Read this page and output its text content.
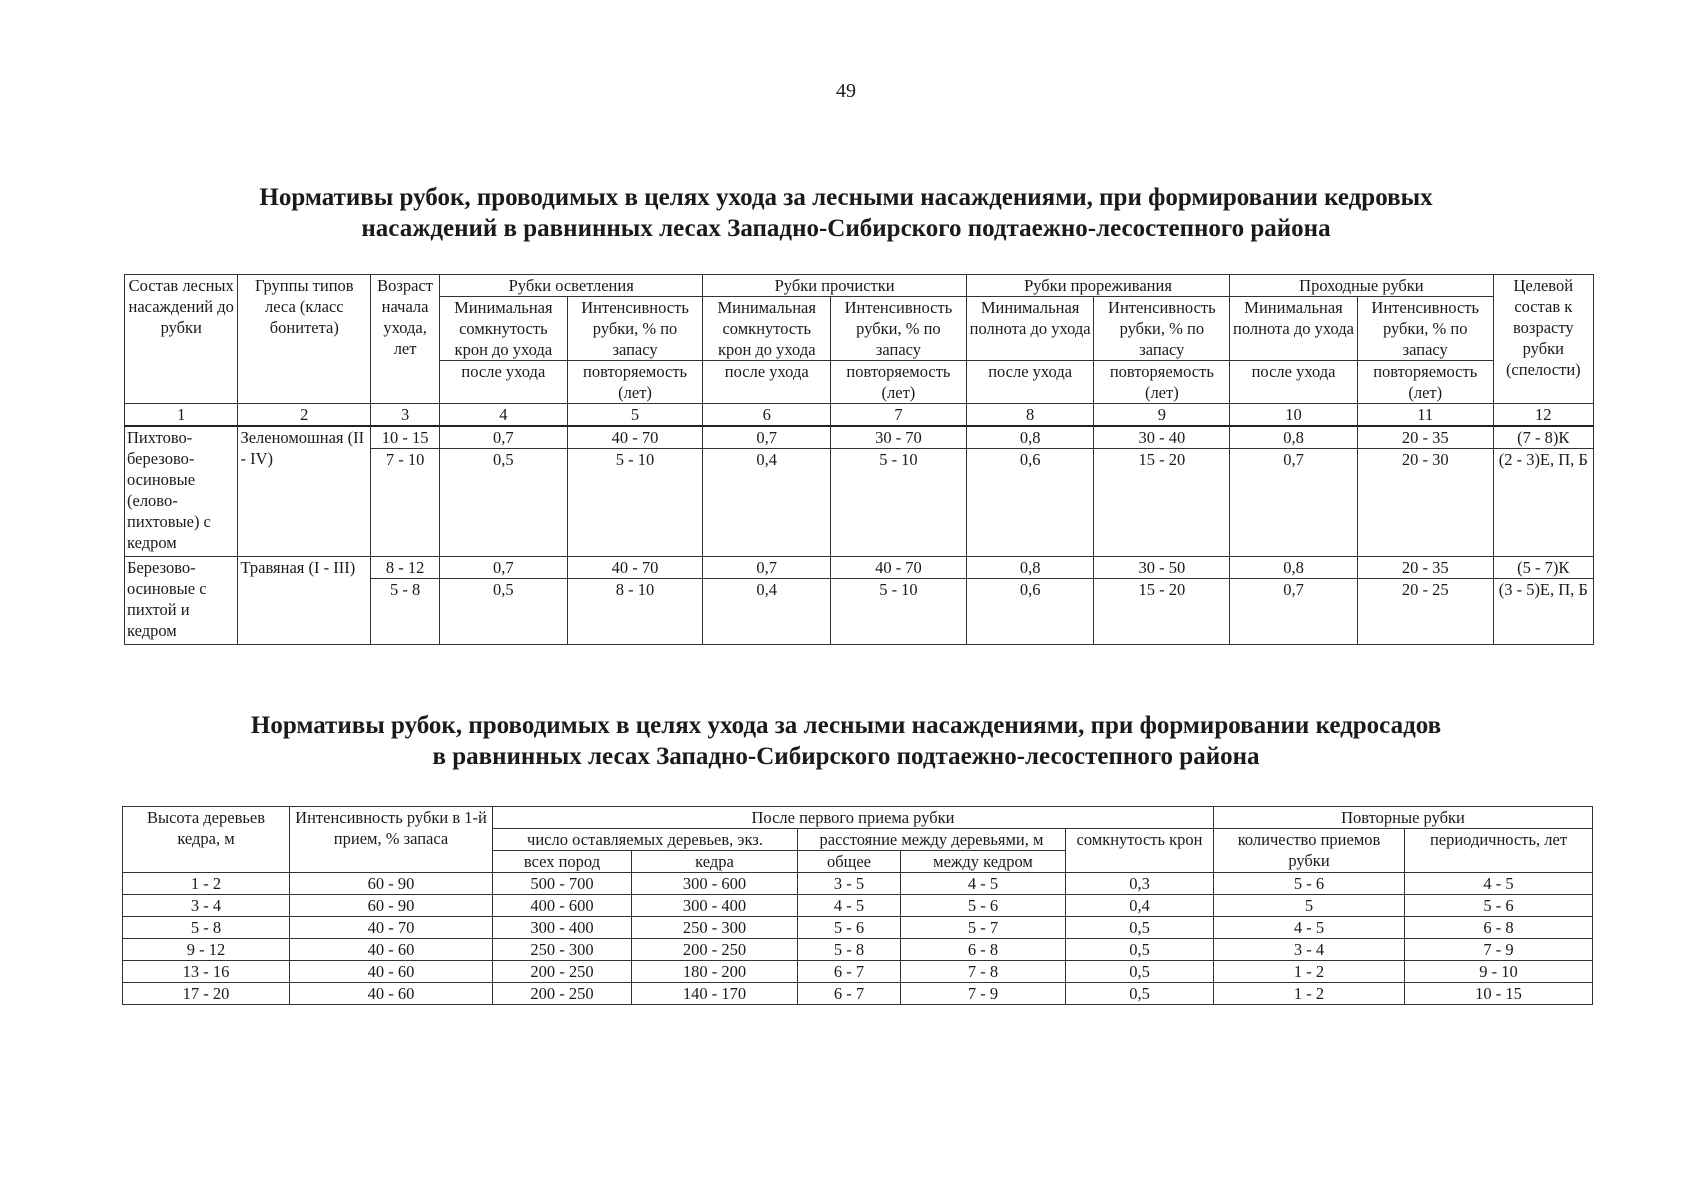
49
Нормативы рубок, проводимых в целях ухода за лесными насаждениями, при формировании кедровых
насаждений в равнинных лесах Западно-Сибирского подтаежно-лесостепного района
Состав лесных насаждений до рубки	Группы типов леса (класс бонитета)	Возраст начала ухода, лет	Рубки осветления		Рубки прочистки		Рубки прореживания		Проходные рубки		Целевой состав к возрасту рубки (спелости)
			Минимальная сомкнутость крон до ухода	Интенсивность рубки, % по запасу	Минимальная сомкнутость крон до ухода	Интенсивность рубки, % по запасу	Минимальная полнота до ухода	Интенсивность рубки, % по запасу	Минимальная полнота до ухода	Интенсивность рубки, % по запасу	

			после ухода	повторяемость (лет)	после ухода	повторяемость (лет)	после ухода	повторяемость (лет)	после ухода	повторяемость (лет)	
1	2	3	4	5	6	7	8	9	10	11	12
Пихтово-березово-осиновые (елово-пихтовые) с кедром	Зеленомошная (II - IV)	10 - 15	0,7	40 - 70	0,7	30 - 70	0,8	30 - 40	0,8	20 - 35	(7 - 8)К
		7 - 10	0,5	5 - 10	0,4	5 - 10	0,6	15 - 20	0,7	20 - 30	(2 - 3)Е, П, Б
Березово-осиновые с пихтой и кедром	Травяная (I - III)	8 - 12	0,7	40 - 70	0,7	40 - 70	0,8	30 - 50	0,8	20 - 35	(5 - 7)К
		5 - 8	0,5	8 - 10	0,4	5 - 10	0,6	15 - 20	0,7	20 - 25	(3 - 5)Е, П, Б
Нормативы рубок, проводимых в целях ухода за лесными насаждениями, при формировании кедросадов
в равнинных лесах Западно-Сибирского подтаежно-лесостепного района
Высота деревьев кедра, м	Интенсивность рубки в 1-й прием, % запаса	После первого приема рубки					Повторные рубки	
		число оставляемых деревьев, экз.		расстояние между деревьями, м		сомкнутость крон	количество приемов рубки	периодичность, лет
		всех пород	кедра	общее	между кедром			
1 - 2	60 - 90	500 - 700	300 - 600	3 - 5	4 - 5	0,3	5 - 6	4 - 5
3 - 4	60 - 90	400 - 600	300 - 400	4 - 5	5 - 6	0,4	5	5 - 6
5 - 8	40 - 70	300 - 400	250 - 300	5 - 6	5 - 7	0,5	4 - 5	6 - 8
9 - 12	40 - 60	250 - 300	200 - 250	5 - 8	6 - 8	0,5	3 - 4	7 - 9
13 - 16	40 - 60	200 - 250	180 - 200	6 - 7	7 - 8	0,5	1 - 2	9 - 10
17 - 20	40 - 60	200 - 250	140 - 170	6 - 7	7 - 9	0,5	1 - 2	10 - 15
